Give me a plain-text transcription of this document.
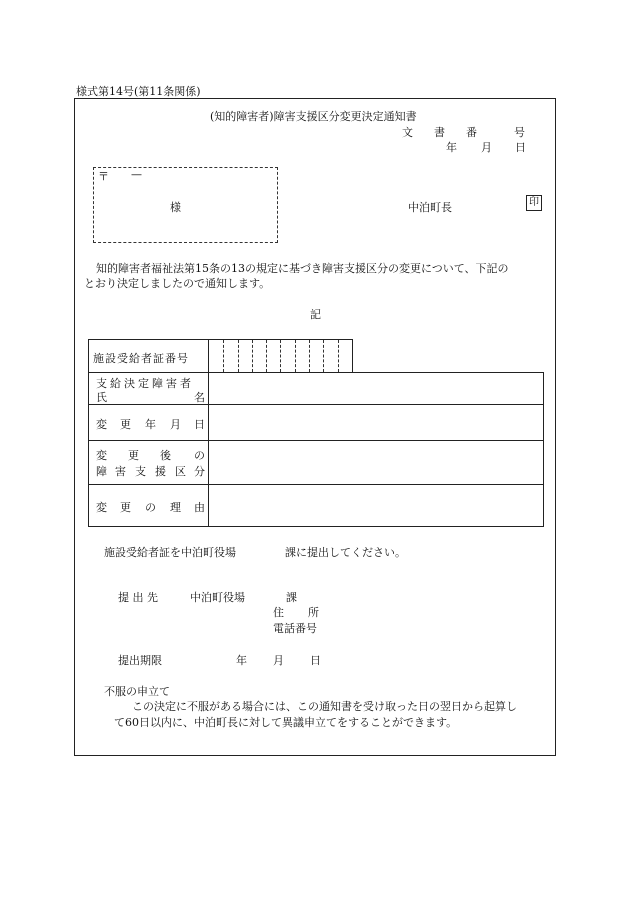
様式第14号(第11条関係)
(知的障害者)障害支援区分変更決定通知書
文 書 番	号
年 月 日
〒 —
様	中泊町長	印
知的障害者福祉法第15条の13の規定に基づき障害支援区分の変更について、下記の
とおり決定しましたので通知します。
記
施設受給者証番号
支給決定障害者
氏	名
変 更 年 月 日
変 更 後 の
障 害 支 援 区 分
変 更 の 理 由
施設受給者証を中泊町役場	課に提出してください。
提 出 先	中泊町役場	課
住 所
電話番号
提出期限	年 月 日
不服の申立て
この決定に不服がある場合には、この通知書を受け取った日の翌日から起算し
て60日以内に、中泊町長に対して異議申立てをすることができます。
